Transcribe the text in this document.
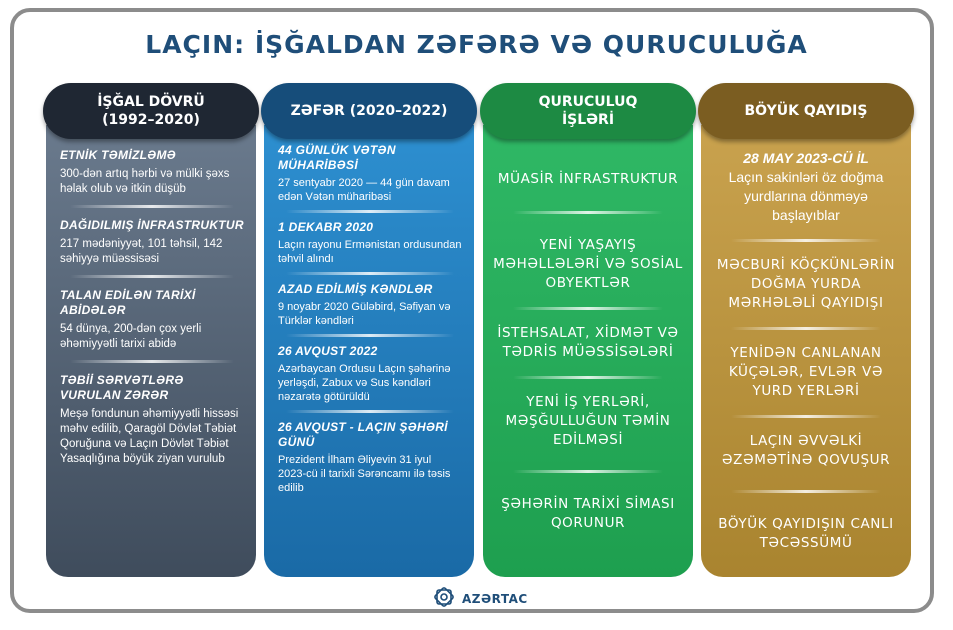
LAÇIN: İŞĞALDAN ZƏFƏRƏ VƏ QURUCULUĞA
İŞĞAL DÖVRÜ
(1992–2020)
ETNİK TƏMİZLƏMƏ
300-dən artıq hərbi və mülki şəxs həlak olub və itkin düşüb
DAĞIDILMIŞ İNFRASTRUKTUR
217 mədəniyyət, 101 təhsil, 142 səhiyyə müəssisəsi
TALAN EDİLƏN TARİXİ ABİDƏLƏR
54 dünya, 200-dən çox yerli əhəmiyyətli tarixi abidə
TƏBİİ SƏRVƏTLƏRƏ VURULAN ZƏRƏR
Meşə fondunun əhəmiyyətli hissəsi məhv edilib, Qaragöl Dövlət Təbiət Qoruğuna və Laçın Dövlət Təbiət Yasaqlığına böyük ziyan vurulub
ZƏFƏR (2020–2022)
44 GÜNLÜK VƏTƏN MÜHARİBƏSİ
27 sentyabr 2020 — 44 gün davam edən Vətən müharibəsi
1 DEKABR 2020
Laçın rayonu Ermənistan ordusundan təhvil alındı
AZAD EDİLMİŞ KƏNDLƏR
9 noyabr 2020 Güləbird, Səfiyan və Türklər kəndləri
26 AVQUST 2022
Azərbaycan Ordusu Laçın şəhərinə yerləşdi, Zabux və Sus kəndləri nəzarətə götürüldü
26 AVQUST - LAÇIN ŞƏHƏRİ GÜNÜ
Prezident İlham Əliyevin 31 iyul 2023-cü il tarixli Sərəncamı ilə təsis edilib
QURUCULUQ
İŞLƏRİ
MÜASİR İNFRASTRUKTUR
YENİ YAŞAYIŞ MƏHƏLLƏLƏRİ VƏ SOSİAL OBYEKTLƏR
İSTEHSALAT, XİDMƏT VƏ TƏDRİS MÜƏSSİSƏLƏRİ
YENİ İŞ YERLƏRİ, MƏŞĞULLUĞUN TƏMİN EDİLMƏSİ
ŞƏHƏRİN TARİXİ SİMASI QORUNUR
BÖYÜK QAYIDIŞ
28 MAY 2023-CÜ İL
Laçın sakinləri öz doğma yurdlarına dönməyə başlayıblar
MƏCBURİ KÖÇKÜNLƏRİN DOĞMA YURDA MƏRHƏLƏLİ QAYIDIŞI
YENİDƏN CANLANAN KÜÇƏLƏR, EVLƏR VƏ YURD YERLƏRİ
LAÇIN ƏVVƏLKİ ƏZƏMƏTİNƏ QOVUŞUR
BÖYÜK QAYIDIŞIN CANLI TƏCƏSSÜMÜ
AZƏRTAC
